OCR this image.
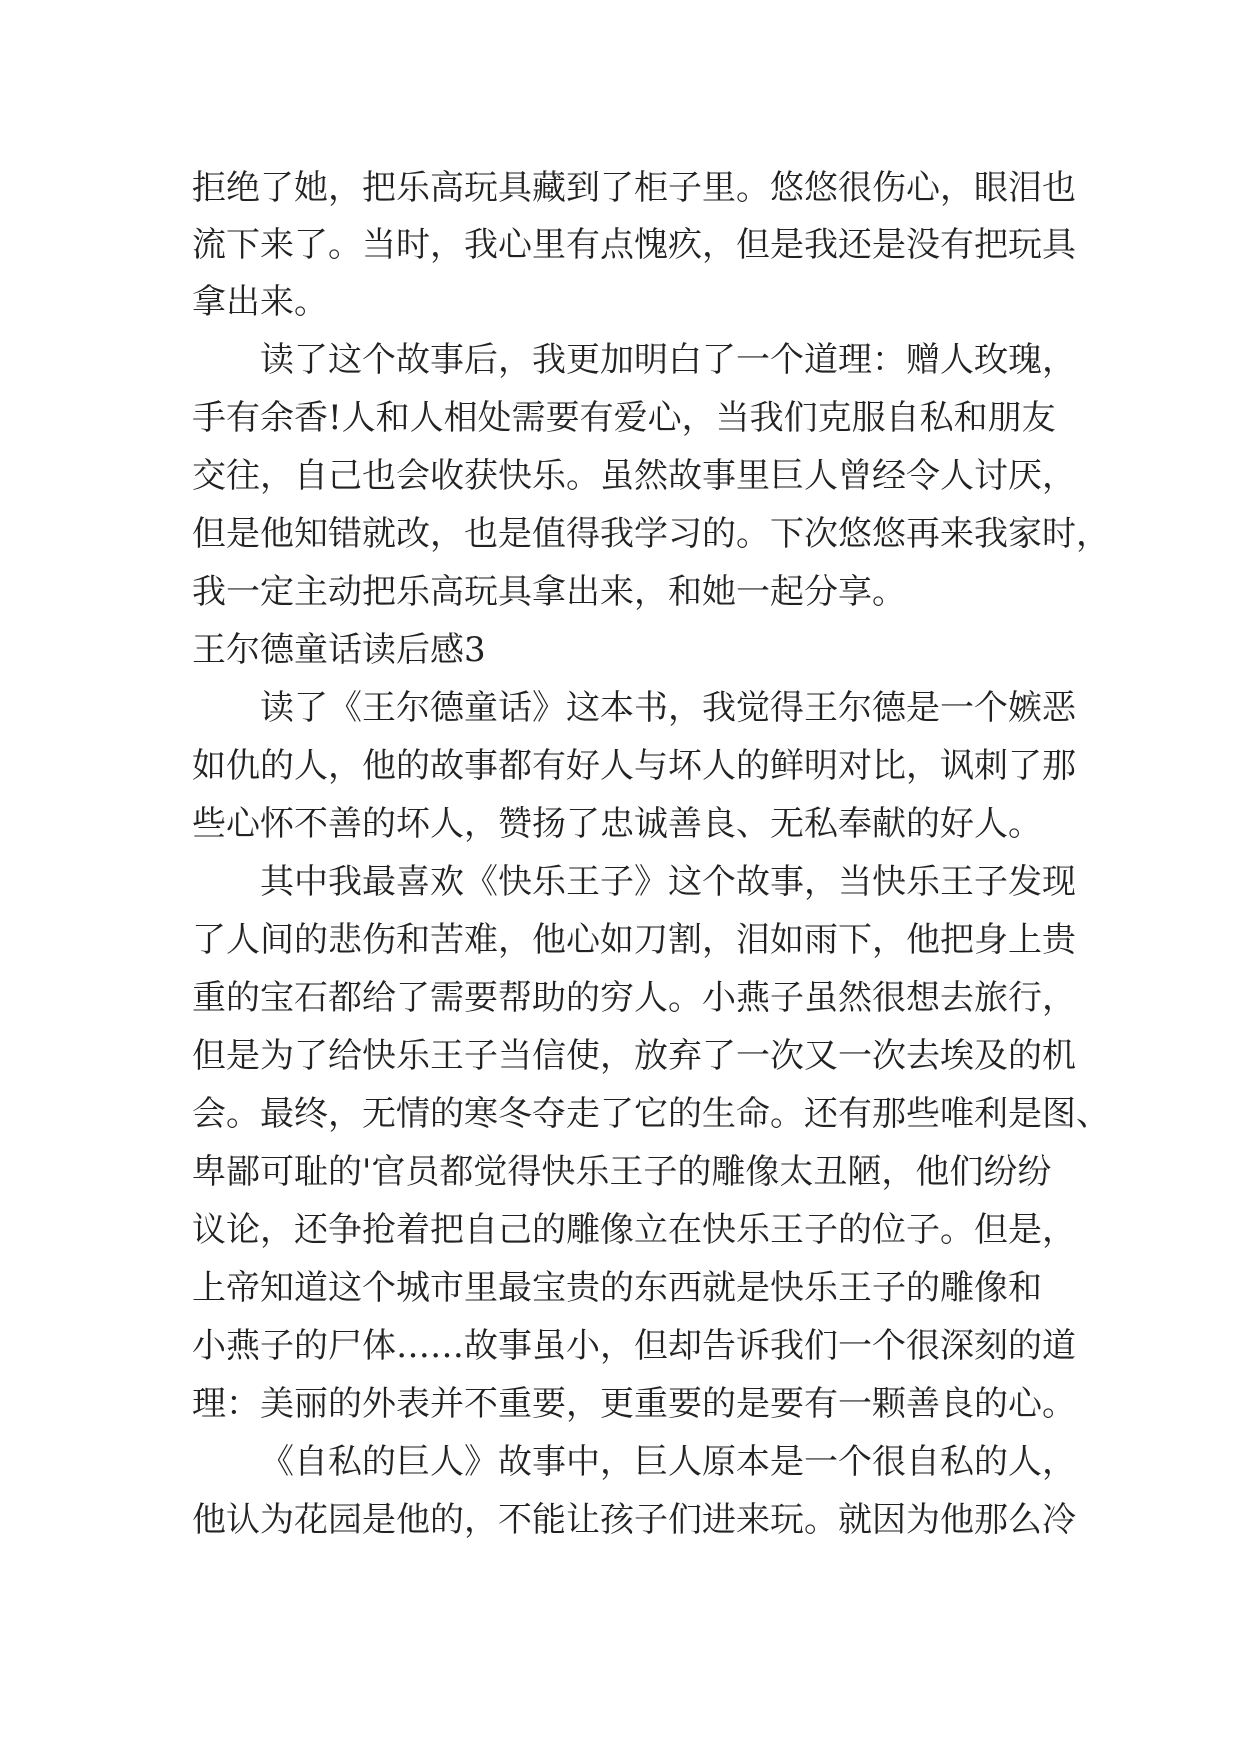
拒绝了她，把乐高玩具藏到了柜子里。悠悠很伤心，眼泪也
流下来了。当时，我心里有点愧疚，但是我还是没有把玩具
拿出来。
读了这个故事后，我更加明白了一个道理：赠人玫瑰，
手有余香!人和人相处需要有爱心，当我们克服自私和朋友
交往，自己也会收获快乐。虽然故事里巨人曾经令人讨厌，
但是他知错就改，也是值得我学习的。下次悠悠再来我家时，
我一定主动把乐高玩具拿出来，和她一起分享。
王尔德童话读后感3
读了《王尔德童话》这本书，我觉得王尔德是一个嫉恶
如仇的人，他的故事都有好人与坏人的鲜明对比，讽刺了那
些心怀不善的坏人，赞扬了忠诚善良、无私奉献的好人。
其中我最喜欢《快乐王子》这个故事，当快乐王子发现
了人间的悲伤和苦难，他心如刀割，泪如雨下，他把身上贵
重的宝石都给了需要帮助的穷人。小燕子虽然很想去旅行，
但是为了给快乐王子当信使，放弃了一次又一次去埃及的机
会。最终，无情的寒冬夺走了它的生命。还有那些唯利是图、
卑鄙可耻的'官员都觉得快乐王子的雕像太丑陋，他们纷纷
议论，还争抢着把自己的雕像立在快乐王子的位子。但是，
上帝知道这个城市里最宝贵的东西就是快乐王子的雕像和
小燕子的尸体……故事虽小，但却告诉我们一个很深刻的道
理：美丽的外表并不重要，更重要的是要有一颗善良的心。
《自私的巨人》故事中，巨人原本是一个很自私的人，
他认为花园是他的，不能让孩子们进来玩。就因为他那么冷
